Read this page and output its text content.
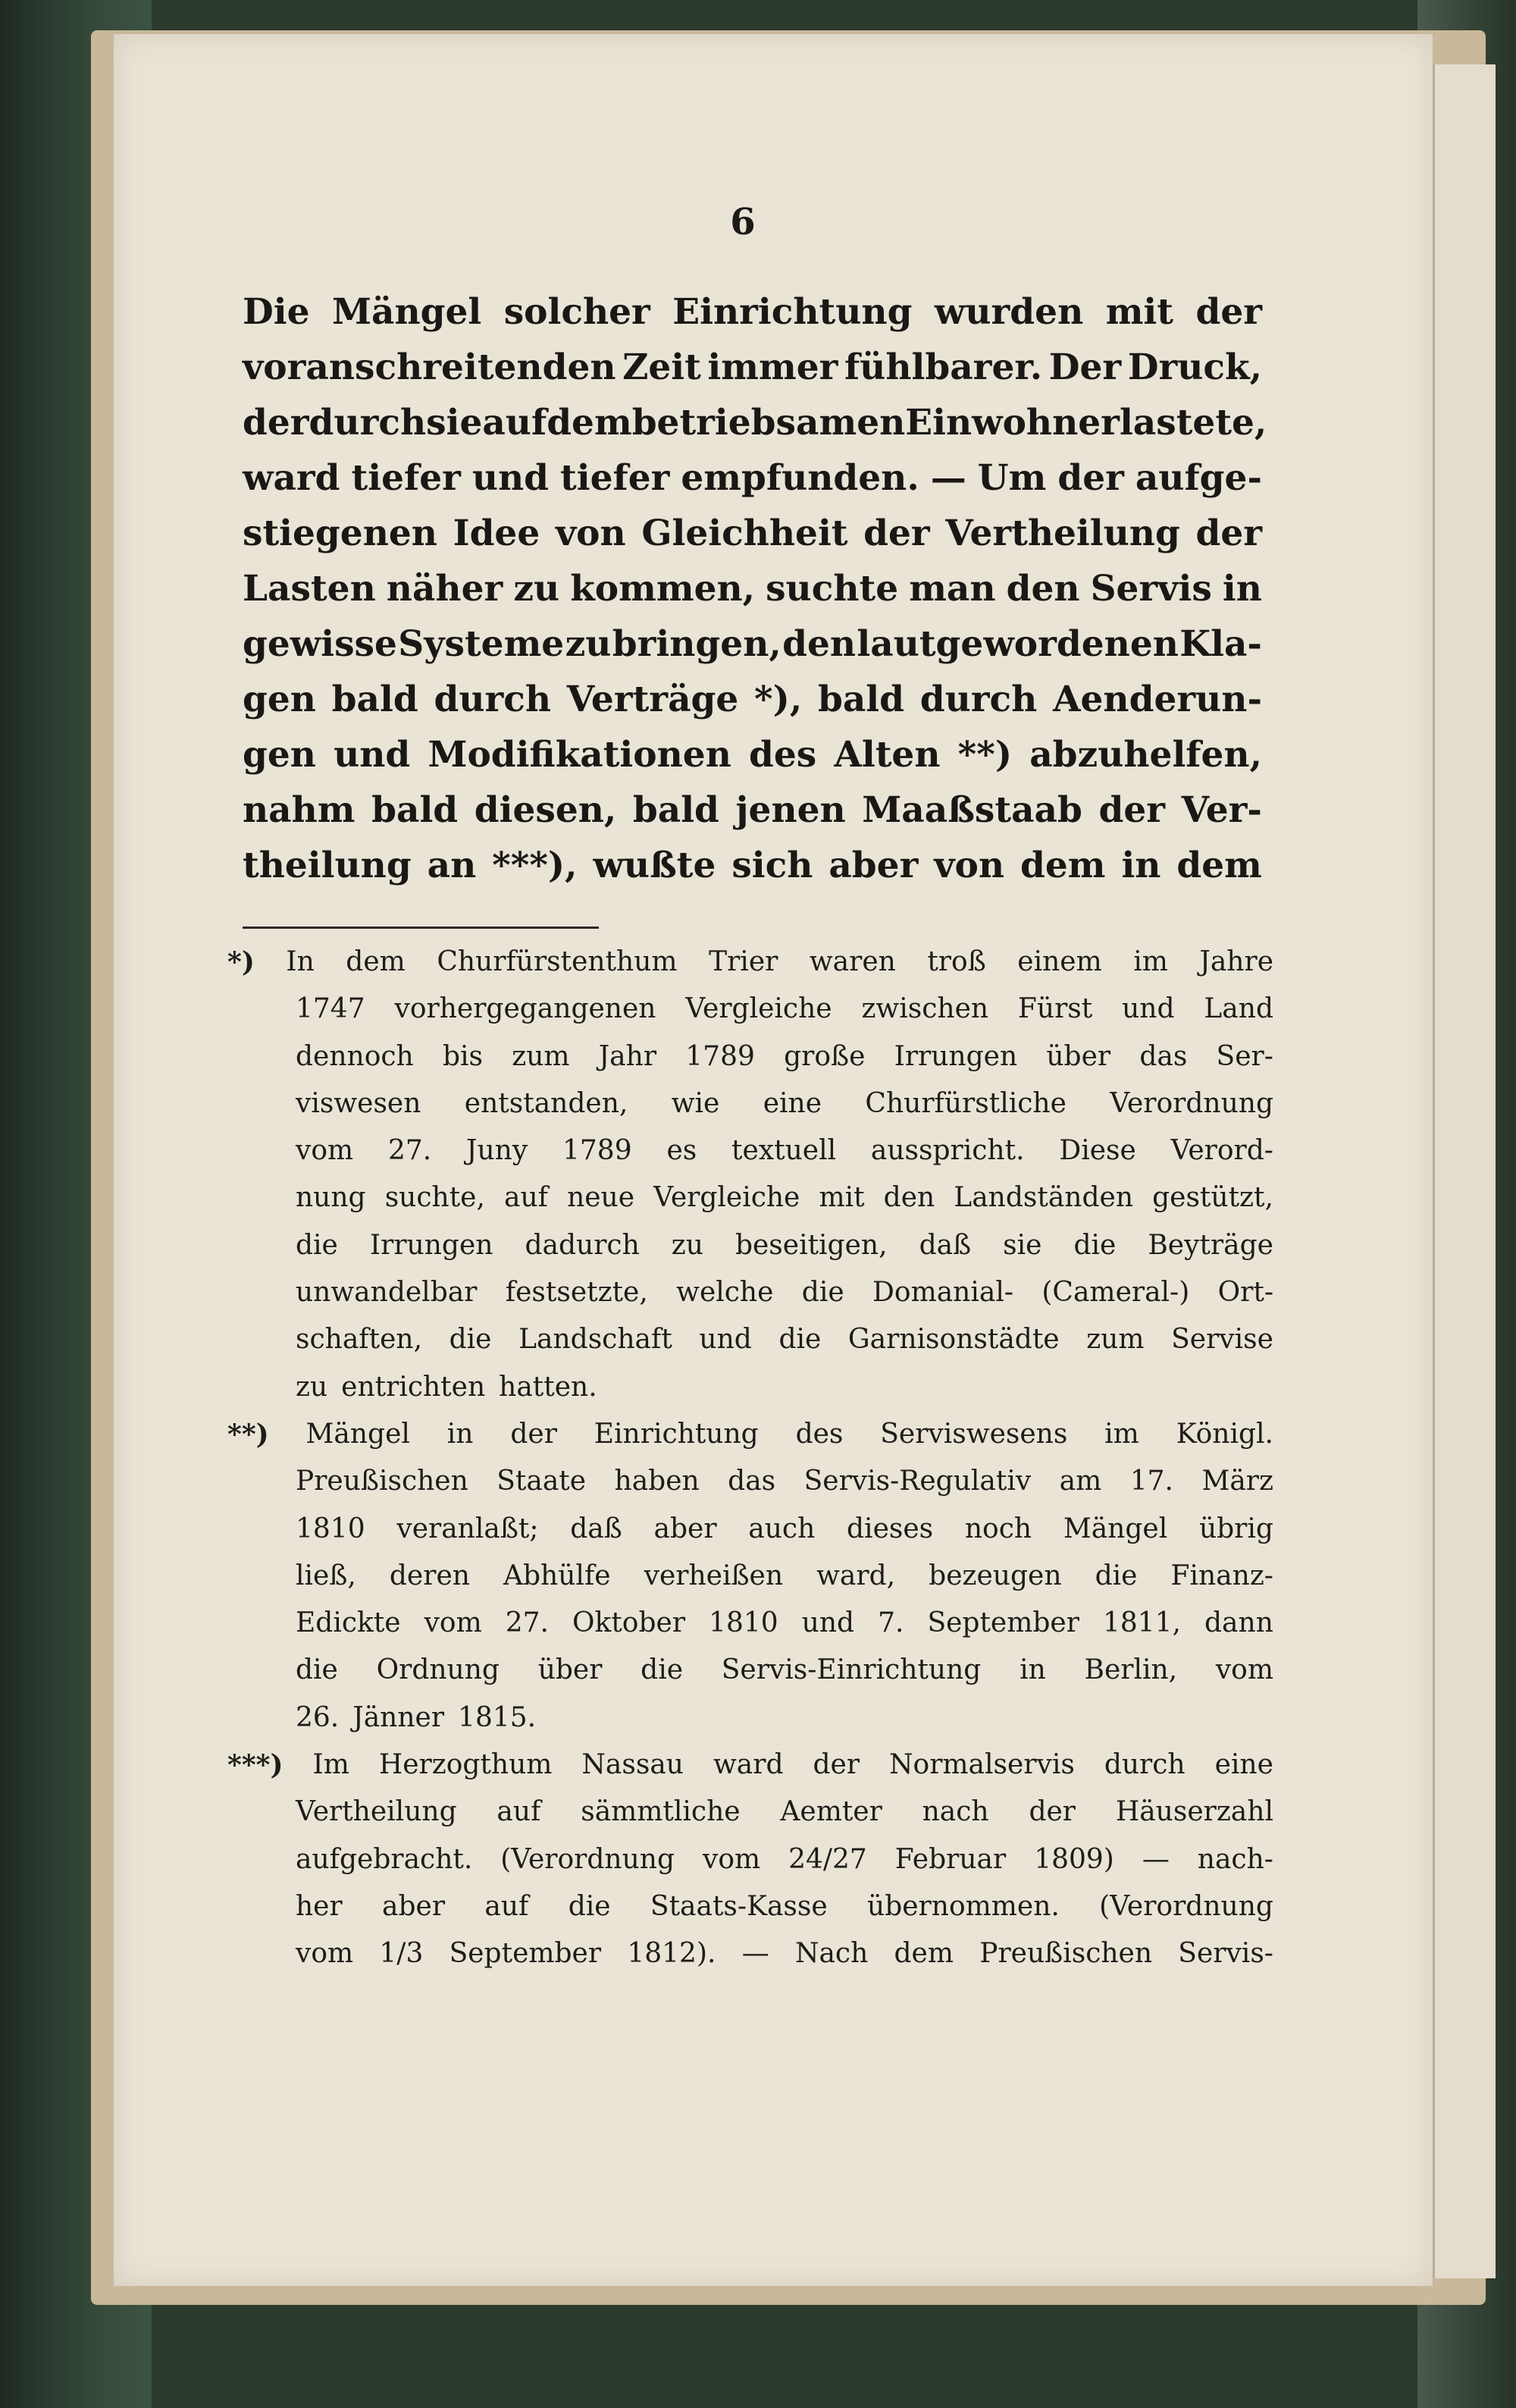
6
Die Mängel solcher Einrichtung wurden mit der
voranschreitenden Zeit immer fühlbarer. Der Druck,
der durch sie auf dem betriebsamen Einwohner lastete,
ward tiefer und tiefer empfunden. — Um der aufge-
stiegenen Idee von Gleichheit der Vertheilung der
Lasten näher zu kommen, suchte man den Servis in
gewisse Systeme zu bringen, den lautgewordenen Kla-
gen bald durch Verträge *), bald durch Aenderun-
gen und Modifikationen des Alten **) abzuhelfen,
nahm bald diesen, bald jenen Maaßstaab der Ver-
theilung an ***), wußte sich aber von dem in dem
*) In dem Churfürstenthum Trier waren troß einem im Jahre
1747 vorhergegangenen Vergleiche zwischen Fürst und Land
dennoch bis zum Jahr 1789 große Irrungen über das Ser-
viswesen entstanden, wie eine Churfürstliche Verordnung
vom 27. Juny 1789 es textuell ausspricht. Diese Verord-
nung suchte, auf neue Vergleiche mit den Landständen gestützt,
die Irrungen dadurch zu beseitigen, daß sie die Beyträge
unwandelbar festsetzte, welche die Domanial- (Cameral-) Ort-
schaften, die Landschaft und die Garnisonstädte zum Servise
zu entrichten hatten.
**) Mängel in der Einrichtung des Serviswesens im Königl.
Preußischen Staate haben das Servis-Regulativ am 17. März
1810 veranlaßt; daß aber auch dieses noch Mängel übrig
ließ, deren Abhülfe verheißen ward, bezeugen die Finanz-
Edickte vom 27. Oktober 1810 und 7. September 1811, dann
die Ordnung über die Servis-Einrichtung in Berlin, vom
26. Jänner 1815.
***) Im Herzogthum Nassau ward der Normalservis durch eine
Vertheilung auf sämmtliche Aemter nach der Häuserzahl
aufgebracht. (Verordnung vom 24/27 Februar 1809) — nach-
her aber auf die Staats-Kasse übernommen. (Verordnung
vom 1/3 September 1812). — Nach dem Preußischen Servis-
